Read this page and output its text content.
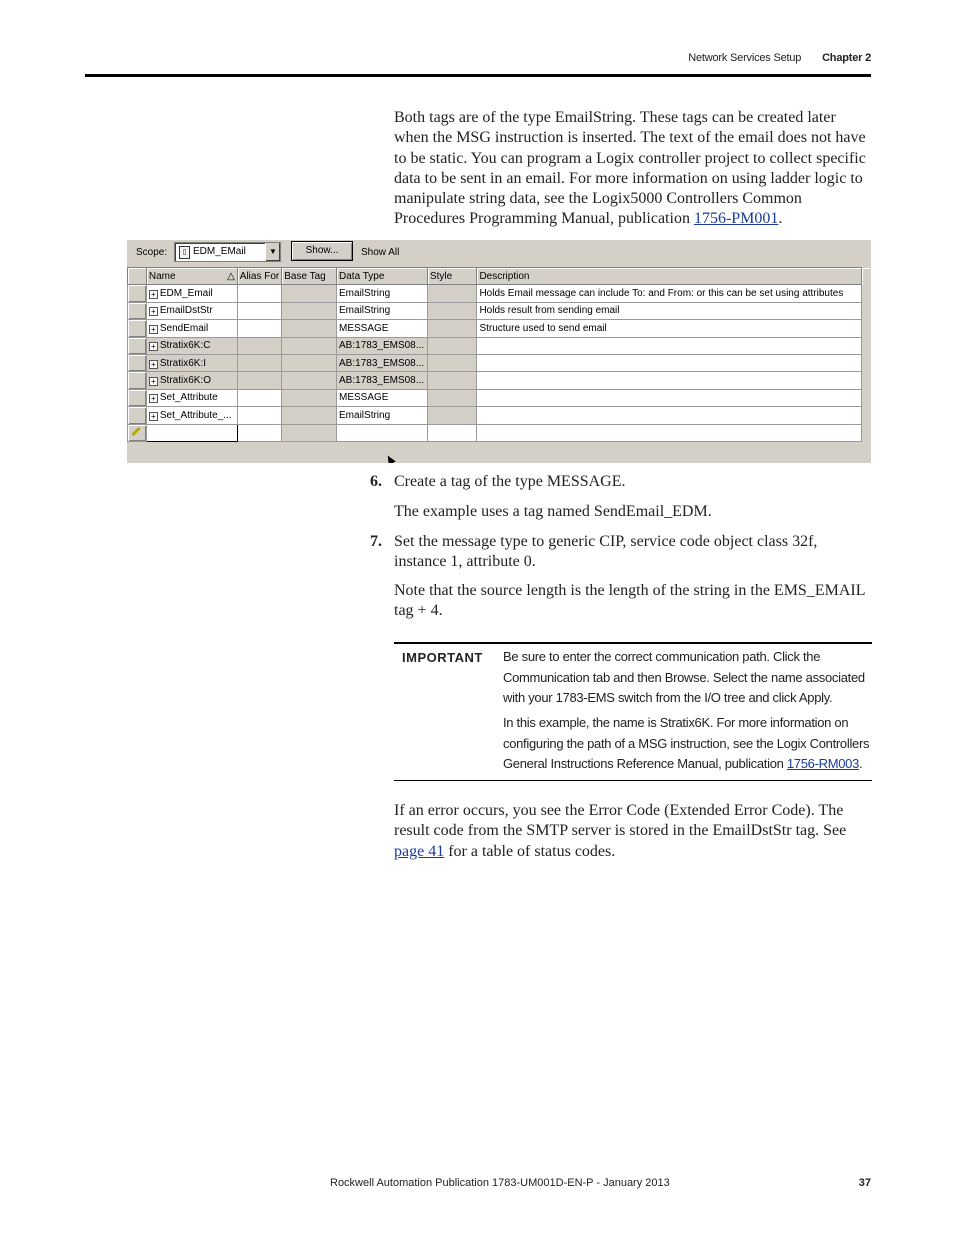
Network Services Setup Chapter 2
Both tags are of the type EmailString. These tags can be created later when the MSG instruction is inserted. The text of the email does not have to be static. You can program a Logix controller project to collect specific data to be sent in an email. For more information on using ladder logic to manipulate string data, see the Logix5000 Controllers Common Procedures Programming Manual, publication 1756-PM001.
Scope:	▯ EDM_EMail	▼	Show...	Show All
	Name △	Alias For	Base Tag	Data Type	Style	Description	
	+ EDM_Email			EmailString		Holds Email message can include To: and From: or this can be set using attributes	
	+ EmailDstStr			EmailString		Holds result from sending email	
	+ SendEmail			MESSAGE		Structure used to send email	
	+ Stratix6K:C			AB:1783_EMS08...			
	+ Stratix6K:I			AB:1783_EMS08...			
	+ Stratix6K:O			AB:1783_EMS08...			
	+ Set_Attribute			MESSAGE			
	+ Set_Attribute_...			EmailString			

6. Create a tag of the type MESSAGE.
The example uses a tag named SendEmail_EDM.
7. Set the message type to generic CIP, service code object class 32f, instance 1, attribute 0.
Note that the source length is the length of the string in the EMS_EMAIL tag + 4.
IMPORTANT Be sure to enter the correct communication path. Click the Communication tab and then Browse. Select the name associated with your 1783-EMS switch from the I/O tree and click Apply.
In this example, the name is Stratix6K. For more information on configuring the path of a MSG instruction, see the Logix Controllers General Instructions Reference Manual, publication 1756-RM003.
If an error occurs, you see the Error Code (Extended Error Code). The result code from the SMTP server is stored in the EmailDstStr tag. See page 41 for a table of status codes.
Rockwell Automation Publication 1783-UM001D-EN-P - January 2013	37
